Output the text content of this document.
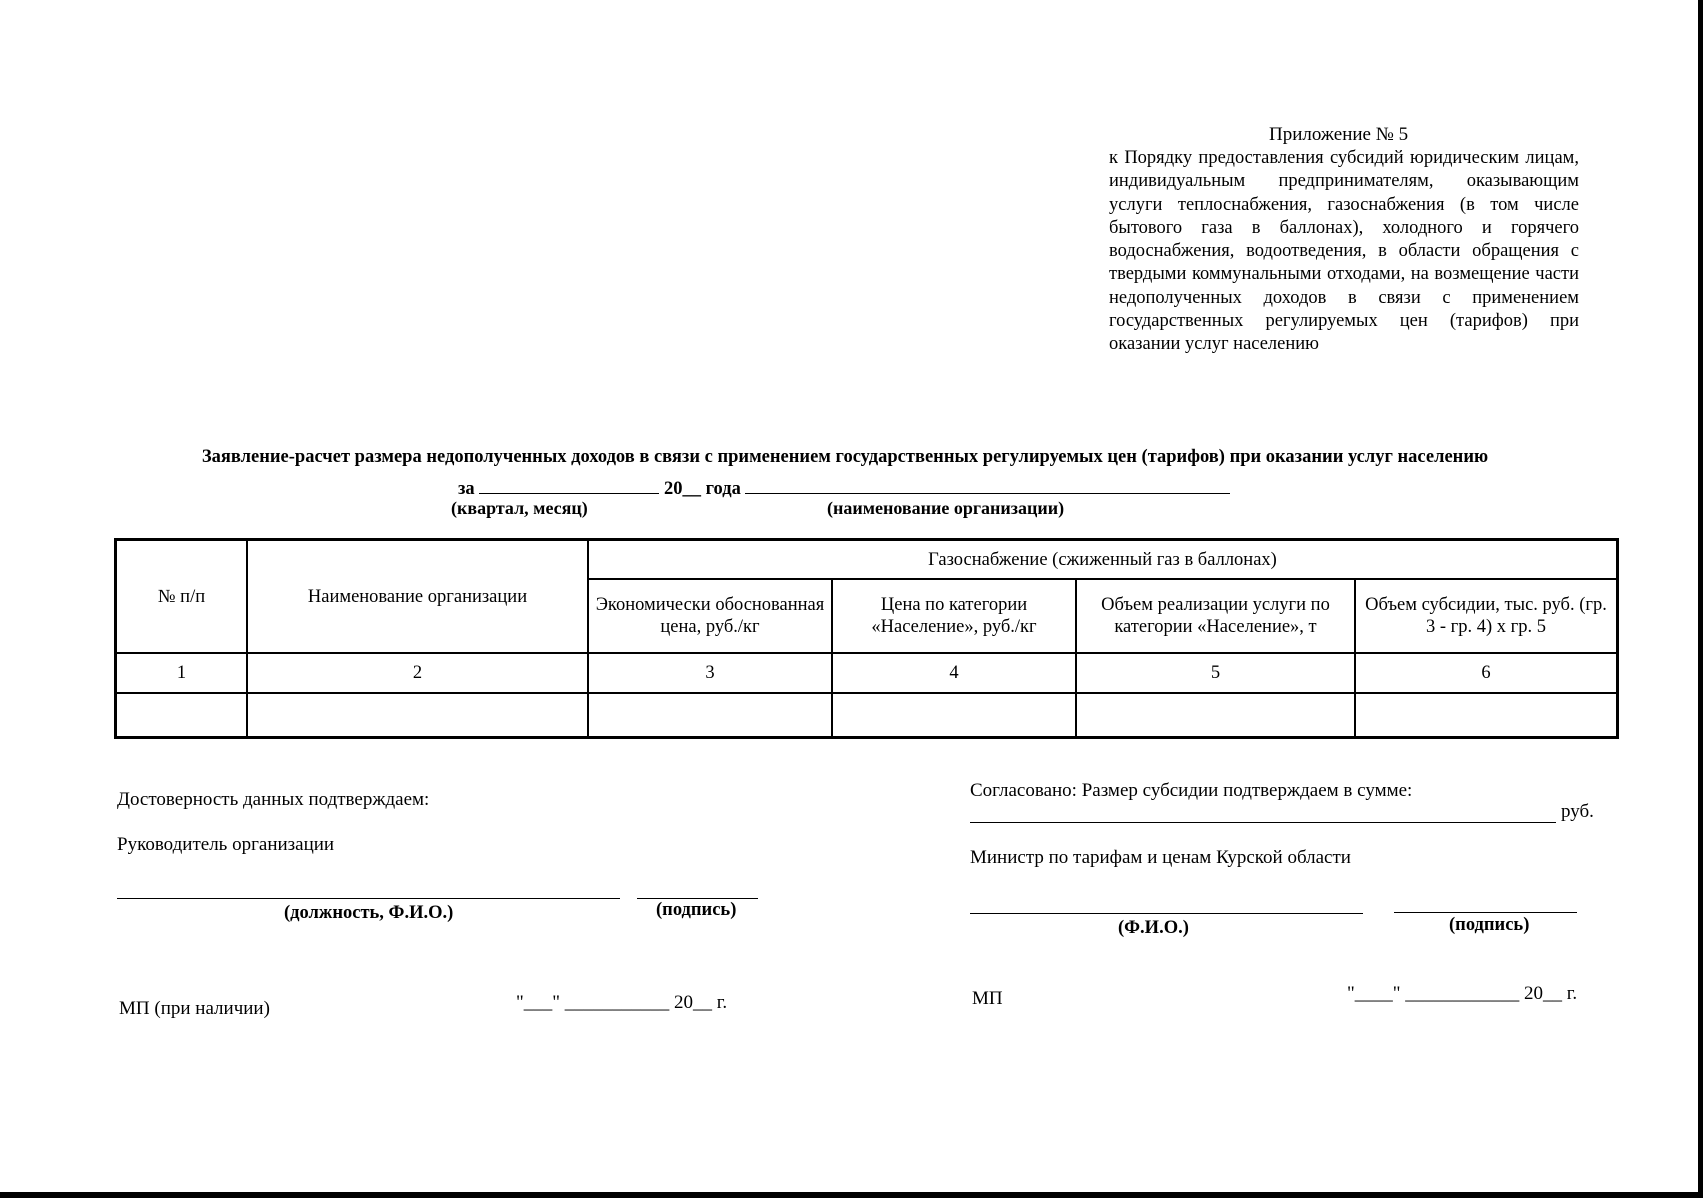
Приложение № 5
к Порядку предоставления субсидий юридическим лицам, индивидуальным предпринимателям, оказывающим услуги теплоснабжения, газоснабжения (в том числе бытового газа в баллонах), холодного и горячего водоснабжения, водоотведения, в области обращения с твердыми коммунальными отходами, на возмещение части недополученных доходов в связи с применением государственных регулируемых цен (тарифов) при оказании услуг населению
Заявление-расчет размера недополученных доходов в связи с применением государственных регулируемых цен (тарифов) при оказании услуг населению
за	20__ года
(квартал, месяц)	(наименование организации)
№ п/п	Наименование организации	Газоснабжение (сжиженный газ в баллонах)			
		Экономически обоснованная цена, руб./кг	Цена по категории «Население», руб./кг	Объем реализации услуги по категории «Население», т	Объем субсидии, тыс. руб. (гр. 3 - гр. 4) х гр. 5
1	2	3	4	5	6

Достоверность данных подтверждаем:
Руководитель организации
(должность, Ф.И.О.)	(подпись)
МП (при наличии)	"___" ___________ 20__ г.
Согласовано: Размер субсидии подтверждаем в сумме:
руб.
Министр по тарифам и ценам Курской области
(Ф.И.О.)	(подпись)
МП	"____" ____________ 20__ г.
